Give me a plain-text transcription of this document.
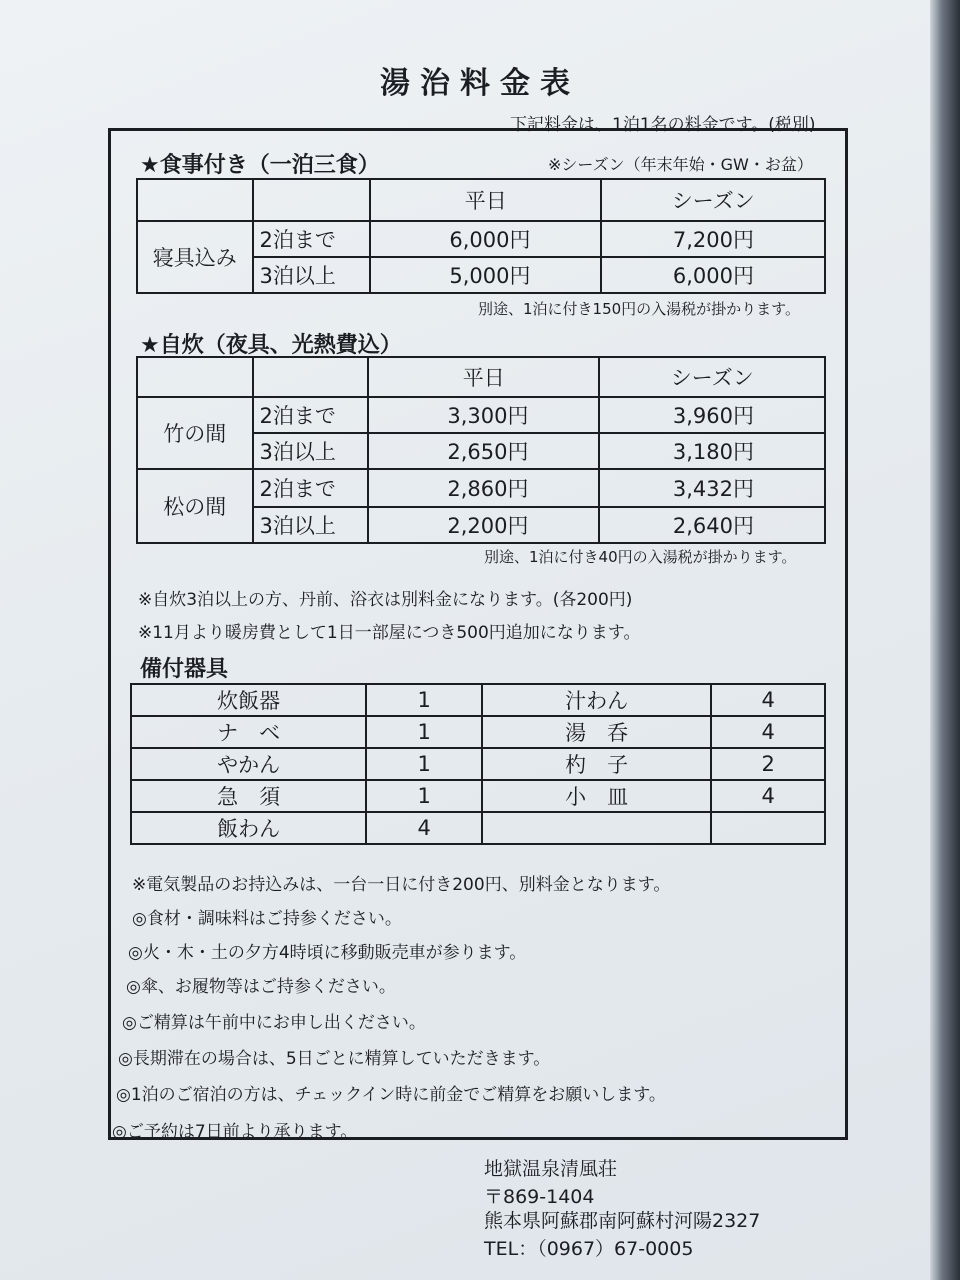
湯治料金表
下記料金は、1泊1名の料金です。(税別)
★食事付き（一泊三食）	※シーズン（年末年始・GW・お盆）
		平日	シーズン
寝具込み	2泊まで	6,000円	7,200円
	3泊以上	5,000円	6,000円
別途、1泊に付き150円の入湯税が掛かります。
★自炊（夜具、光熱費込）
		平日	シーズン
竹の間	2泊まで	3,300円	3,960円
	3泊以上	2,650円	3,180円
松の間	2泊まで	2,860円	3,432円
	3泊以上	2,200円	2,640円
別途、1泊に付き40円の入湯税が掛かります。
※自炊3泊以上の方、丹前、浴衣は別料金になります。(各200円)
※11月より暖房費として1日一部屋につき500円追加になります。
備付器具
炊飯器	1	汁わん	4
ナ　ベ	1	湯　呑	4
やかん	1	杓　子	2
急　須	1	小　皿	4
飯わん	4		
※電気製品のお持込みは、一台一日に付き200円、別料金となります。
◎食材・調味料はご持参ください。
◎火・木・土の夕方4時頃に移動販売車が参ります。
◎傘、お履物等はご持参ください。
◎ご精算は午前中にお申し出ください。
◎長期滞在の場合は、5日ごとに精算していただきます。
◎1泊のご宿泊の方は、チェックイン時に前金でご精算をお願いします。
◎ご予約は7日前より承ります。
地獄温泉清風荘
〒869-1404
熊本県阿蘇郡南阿蘇村河陽2327
TEL：（0967）67-0005
